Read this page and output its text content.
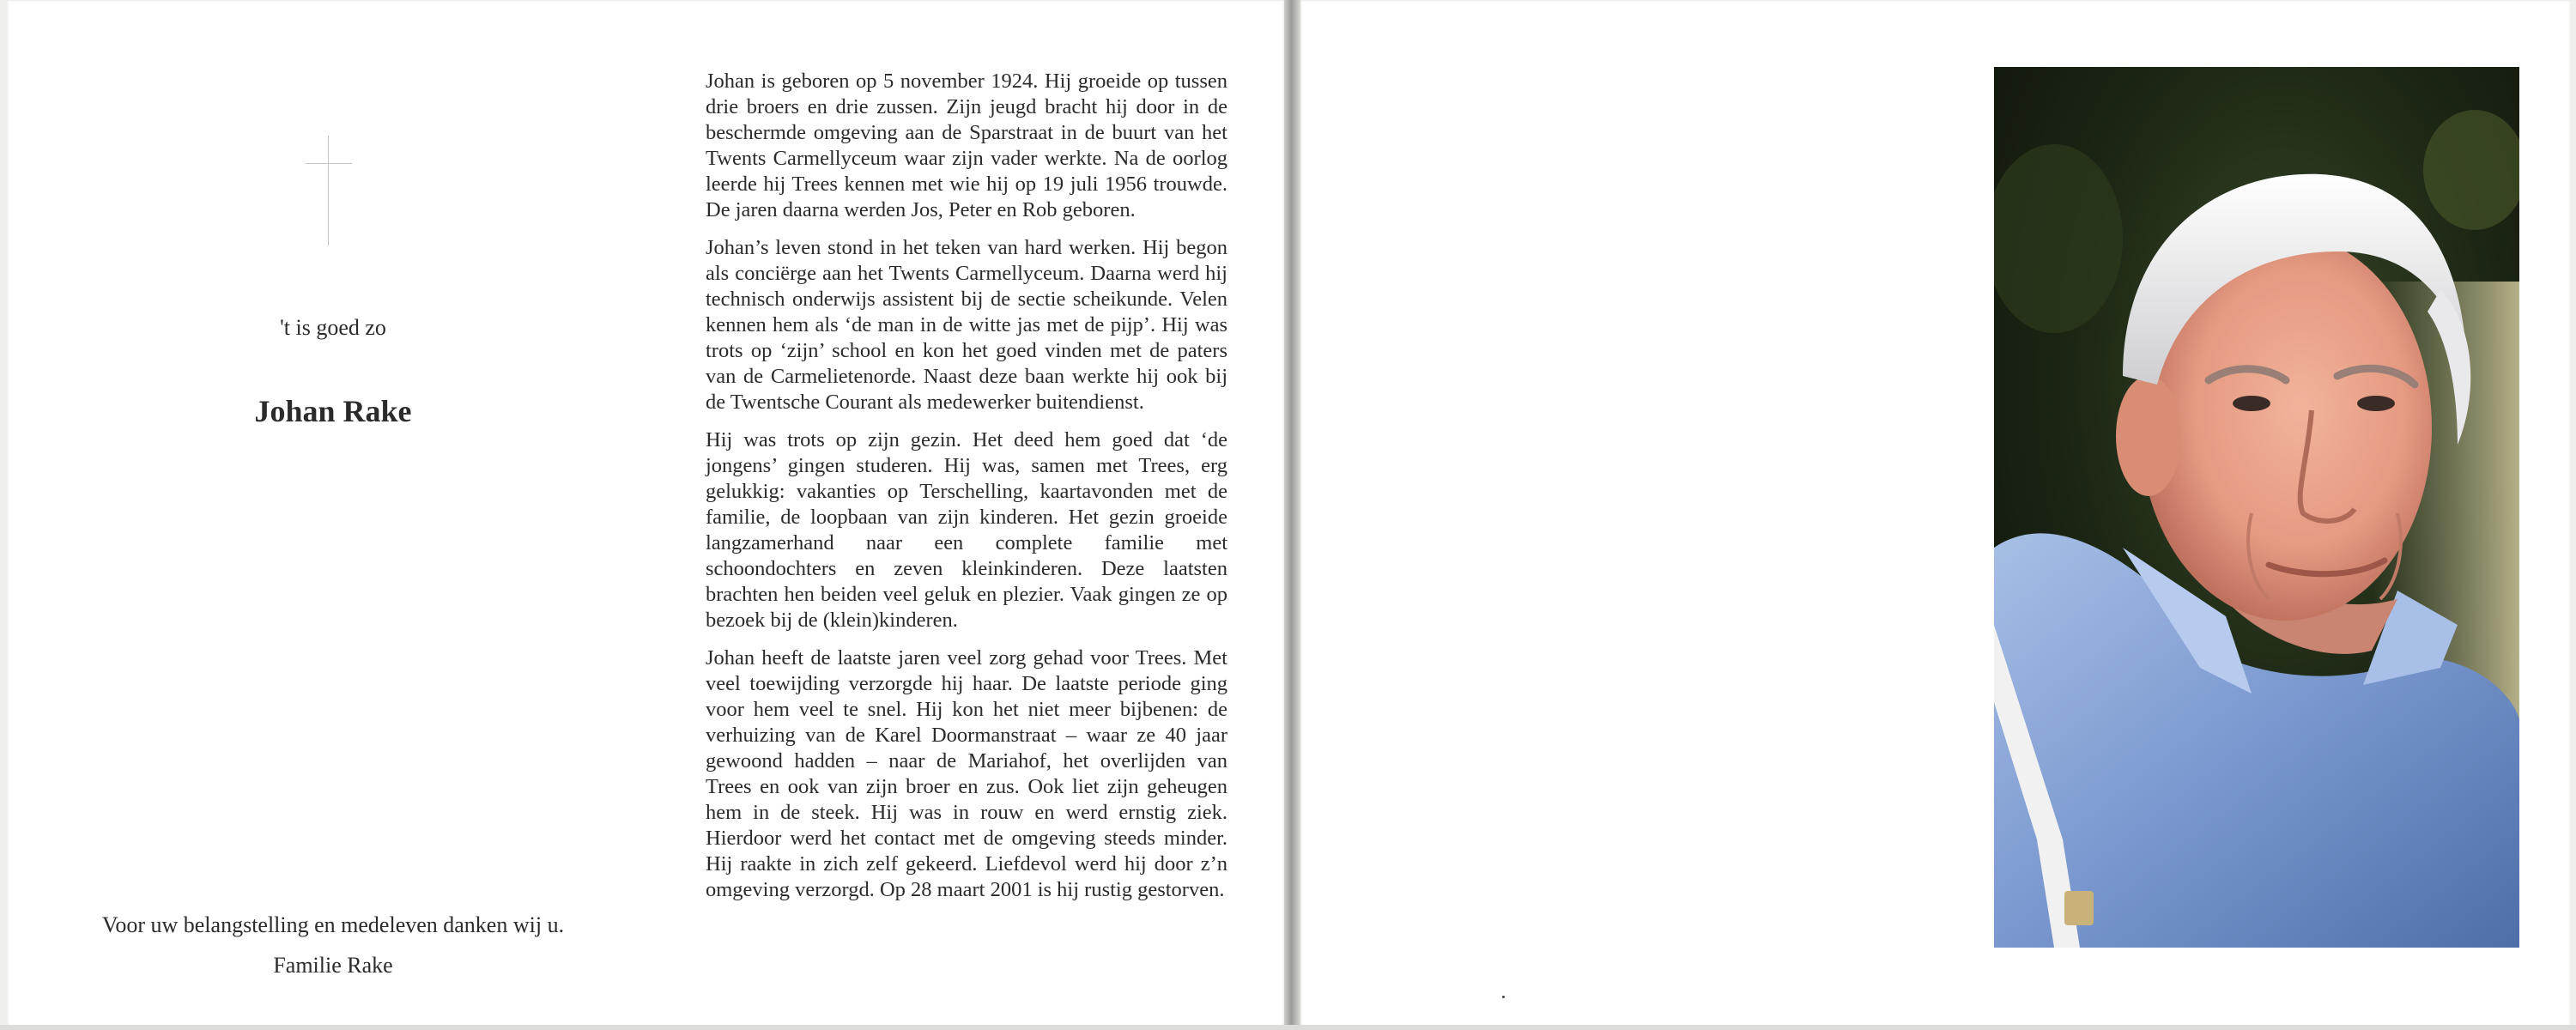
't is goed zo
Johan Rake
Voor uw belangstelling en medeleven danken wij u.
Familie Rake

Johan is geboren op 5 november 1924. Hij groeide op tussen drie broers en drie zussen. Zijn jeugd bracht hij door in de beschermde omgeving aan de Sparstraat in de buurt van het Twents Carmellyceum waar zijn vader werkte. Na de oorlog leerde hij Trees kennen met wie hij op 19 juli 1956 trouwde. De jaren daarna werden Jos, Peter en Rob geboren.

Johan’s leven stond in het teken van hard werken. Hij begon als conciërge aan het Twents Carmellyceum. Daarna werd hij technisch onderwijs assistent bij de sectie scheikunde. Velen kennen hem als ‘de man in de witte jas met de pijp’. Hij was trots op ‘zijn’ school en kon het goed vinden met de paters van de Carmelietenorde. Naast deze baan werkte hij ook bij de Twentsche Courant als medewerker buitendienst.

Hij was trots op zijn gezin. Het deed hem goed dat ‘de jongens’ gingen studeren. Hij was, samen met Trees, erg gelukkig: vakanties op Terschelling, kaartavonden met de familie, de loopbaan van zijn kinderen. Het gezin groeide langzamerhand naar een complete familie met schoondochters en zeven kleinkinderen. Deze laatsten brachten hen beiden veel geluk en plezier. Vaak gingen ze op bezoek bij de (klein)kinderen.

Johan heeft de laatste jaren veel zorg gehad voor Trees. Met veel toewijding verzorgde hij haar. De laatste periode ging voor hem veel te snel. Hij kon het niet meer bijbenen: de verhuizing van de Karel Doormanstraat – waar ze 40 jaar gewoond hadden – naar de Mariahof, het overlijden van Trees en ook van zijn broer en zus. Ook liet zijn geheugen hem in de steek. Hij was in rouw en werd ernstig ziek. Hierdoor werd het contact met de omgeving steeds minder. Hij raakte in zich zelf gekeerd. Liefdevol werd hij door z’n omgeving verzorgd. Op 28 maart 2001 is hij rustig gestorven.
